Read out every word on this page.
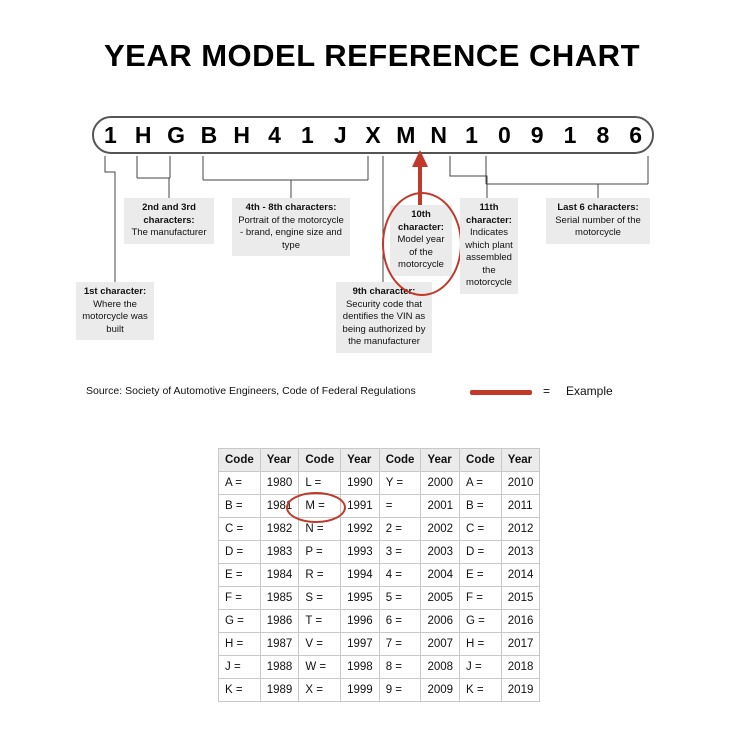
YEAR MODEL REFERENCE CHART
1 H G B H 4 1 J X M N 1 0 9 1 8 6
1st character:
Where the motorcycle was built
2nd and 3rd characters:
The manufacturer
4th - 8th characters:
Portrait of the motorcycle - brand, engine size and type
9th character: Security code that dentifies the VIN as being authorized by the manufacturer
10th character:
Model year of the motorcycle
11th character:
Indicates which plant assembled the motorcycle
Last 6 characters:
Serial number of the motorcycle
Source: Society of Automotive Engineers, Code of Federal Regulations	= Example
Code	Year	Code	Year	Code	Year	Code	Year
A =	1980	L =	1990	Y =	2000	A =	2010
B =	1981	M =	1991	=	2001	B =	2011
C =	1982	N =	1992	2 =	2002	C =	2012
D =	1983	P =	1993	3 =	2003	D =	2013
E =	1984	R =	1994	4 =	2004	E =	2014
F =	1985	S =	1995	5 =	2005	F =	2015
G =	1986	T =	1996	6 =	2006	G =	2016
H =	1987	V =	1997	7 =	2007	H =	2017
J =	1988	W =	1998	8 =	2008	J =	2018
K =	1989	X =	1999	9 =	2009	K =	2019
